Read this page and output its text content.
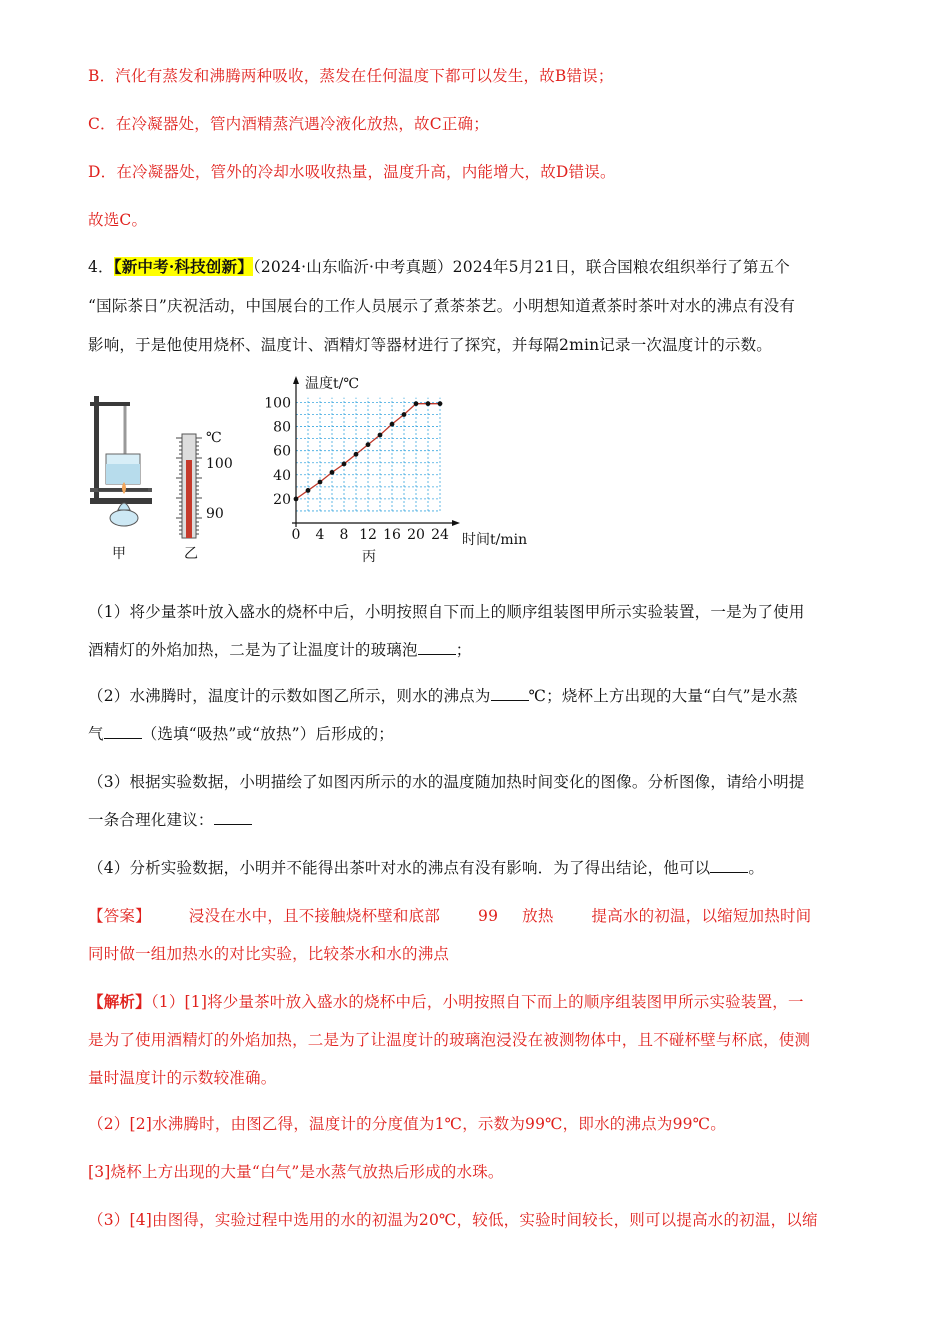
B．汽化有蒸发和沸腾两种吸收，蒸发在任何温度下都可以发生，故B错误；
C．在冷凝器处，管内酒精蒸汽遇冷液化放热，故C正确；
D．在冷凝器处，管外的冷却水吸收热量，温度升高，内能增大，故D错误。
故选C。
4．【新中考·科技创新】（2024·山东临沂·中考真题）2024年5月21日，联合国粮农组织举行了第五个
“国际茶日”庆祝活动，中国展台的工作人员展示了煮茶茶艺。小明想知道煮茶时茶叶对水的沸点有没有
影响，于是他使用烧杯、温度计、酒精灯等器材进行了探究，并每隔2min记录一次温度计的示数。
甲
℃
100
90
乙
温度t/℃
时间t/min
丙
0 4 8 12 16 20 24
20
40
60
80
100
（1）将少量茶叶放入盛水的烧杯中后，小明按照自下而上的顺序组装图甲所示实验装置，一是为了使用
酒精灯的外焰加热，二是为了让温度计的玻璃泡 ；
（2）水沸腾时，温度计的示数如图乙所示，则水的沸点为 ℃；烧杯上方出现的大量“白气”是水蒸
气 （选填“吸热”或“放热”）后形成的；
（3）根据实验数据，小明描绘了如图丙所示的水的温度随加热时间变化的图像。分析图像，请给小明提
一条合理化建议：
（4）分析实验数据，小明并不能得出茶叶对水的沸点有没有影响．为了得出结论，他可以 。
【答案】 浸没在水中，且不接触烧杯壁和底部 99 放热 提高水的初温，以缩短加热时间
同时做一组加热水的对比实验，比较茶水和水的沸点
【解析】（1）[1]将少量茶叶放入盛水的烧杯中后，小明按照自下而上的顺序组装图甲所示实验装置，一
是为了使用酒精灯的外焰加热，二是为了让温度计的玻璃泡浸没在被测物体中，且不碰杯壁与杯底，使测
量时温度计的示数较准确。
（2）[2]水沸腾时，由图乙得，温度计的分度值为1℃，示数为99℃，即水的沸点为99℃。
[3]烧杯上方出现的大量“白气”是水蒸气放热后形成的水珠。
（3）[4]由图得，实验过程中选用的水的初温为20℃，较低，实验时间较长，则可以提高水的初温，以缩
